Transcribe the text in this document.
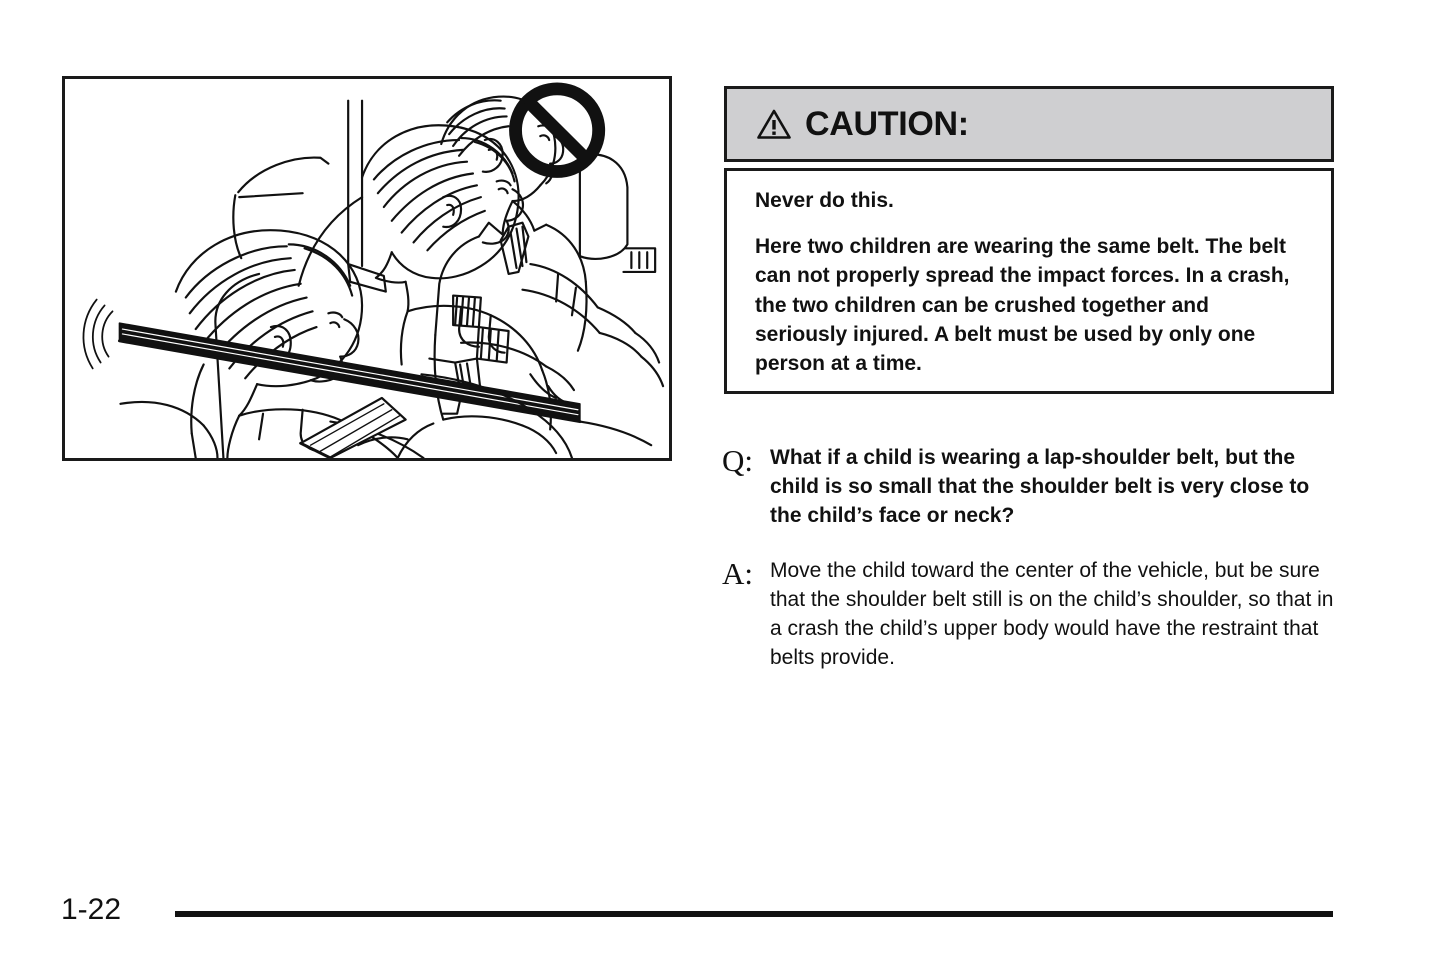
CAUTION:

Never do this.

Here two children are wearing the same belt. The belt can not properly spread the impact forces. In a crash, the two children can be crushed together and seriously injured. A belt must be used by only one person at a time.

Q: What if a child is wearing a lap-shoulder belt, but the child is so small that the shoulder belt is very close to the child’s face or neck?
A: Move the child toward the center of the vehicle, but be sure that the shoulder belt still is on the child’s shoulder, so that in a crash the child’s upper body would have the restraint that belts provide.
1-22
